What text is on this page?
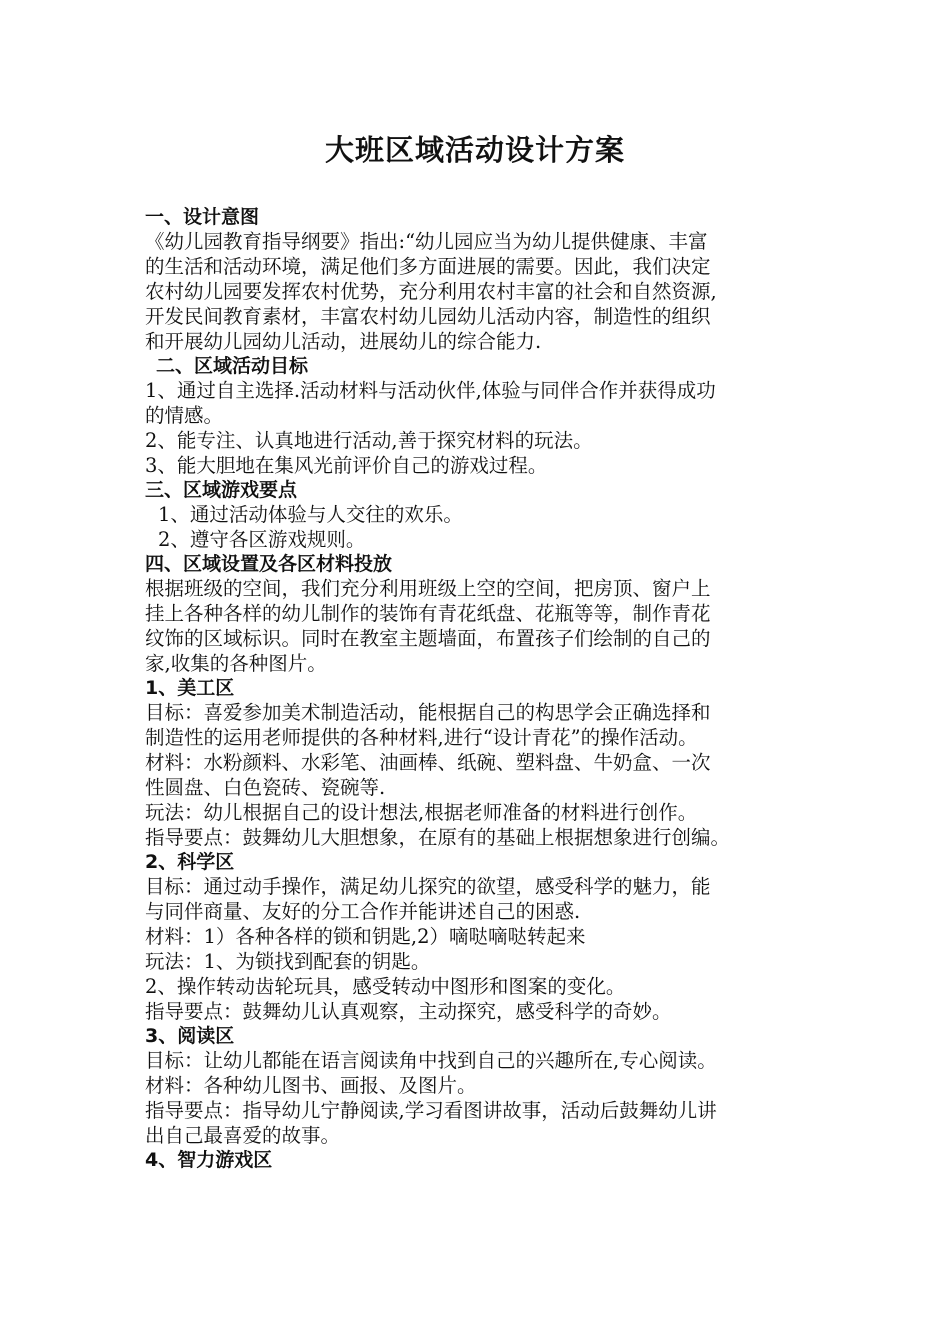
大班区域活动设计方案
一、设计意图
《幼儿园教育指导纲要》指出:“幼儿园应当为幼儿提供健康、丰富
的生活和活动环境，满足他们多方面进展的需要。因此，我们决定
农村幼儿园要发挥农村优势，充分利用农村丰富的社会和自然资源,
开发民间教育素材，丰富农村幼儿园幼儿活动内容，制造性的组织
和开展幼儿园幼儿活动，进展幼儿的综合能力.
二、区域活动目标
1、通过自主选择.活动材料与活动伙伴,体验与同伴合作并获得成功
的情感。
2、能专注、认真地进行活动,善于探究材料的玩法。
3、能大胆地在集风光前评价自己的游戏过程。
三、区域游戏要点
1、通过活动体验与人交往的欢乐。
2、遵守各区游戏规则。
四、区域设置及各区材料投放
根据班级的空间，我们充分利用班级上空的空间，把房顶、窗户上
挂上各种各样的幼儿制作的装饰有青花纸盘、花瓶等等，制作青花
纹饰的区域标识。同时在教室主题墙面，布置孩子们绘制的自己的
家,收集的各种图片。
1、美工区
目标：喜爱参加美术制造活动，能根据自己的构思学会正确选择和
制造性的运用老师提供的各种材料,进行“设计青花”的操作活动。
材料：水粉颜料、水彩笔、油画棒、纸碗、塑料盘、牛奶盒、一次
性圆盘、白色瓷砖、瓷碗等.
玩法：幼儿根据自己的设计想法,根据老师准备的材料进行创作。
指导要点：鼓舞幼儿大胆想象，在原有的基础上根据想象进行创编。
2、科学区
目标：通过动手操作，满足幼儿探究的欲望，感受科学的魅力，能
与同伴商量、友好的分工合作并能讲述自己的困惑.
材料：1）各种各样的锁和钥匙,2）嘀哒嘀哒转起来
玩法：1、为锁找到配套的钥匙。
2、操作转动齿轮玩具，感受转动中图形和图案的变化。
指导要点：鼓舞幼儿认真观察，主动探究，感受科学的奇妙。
3、阅读区
目标：让幼儿都能在语言阅读角中找到自己的兴趣所在,专心阅读。
材料：各种幼儿图书、画报、及图片。
指导要点：指导幼儿宁静阅读,学习看图讲故事，活动后鼓舞幼儿讲
出自己最喜爱的故事。
4、智力游戏区
